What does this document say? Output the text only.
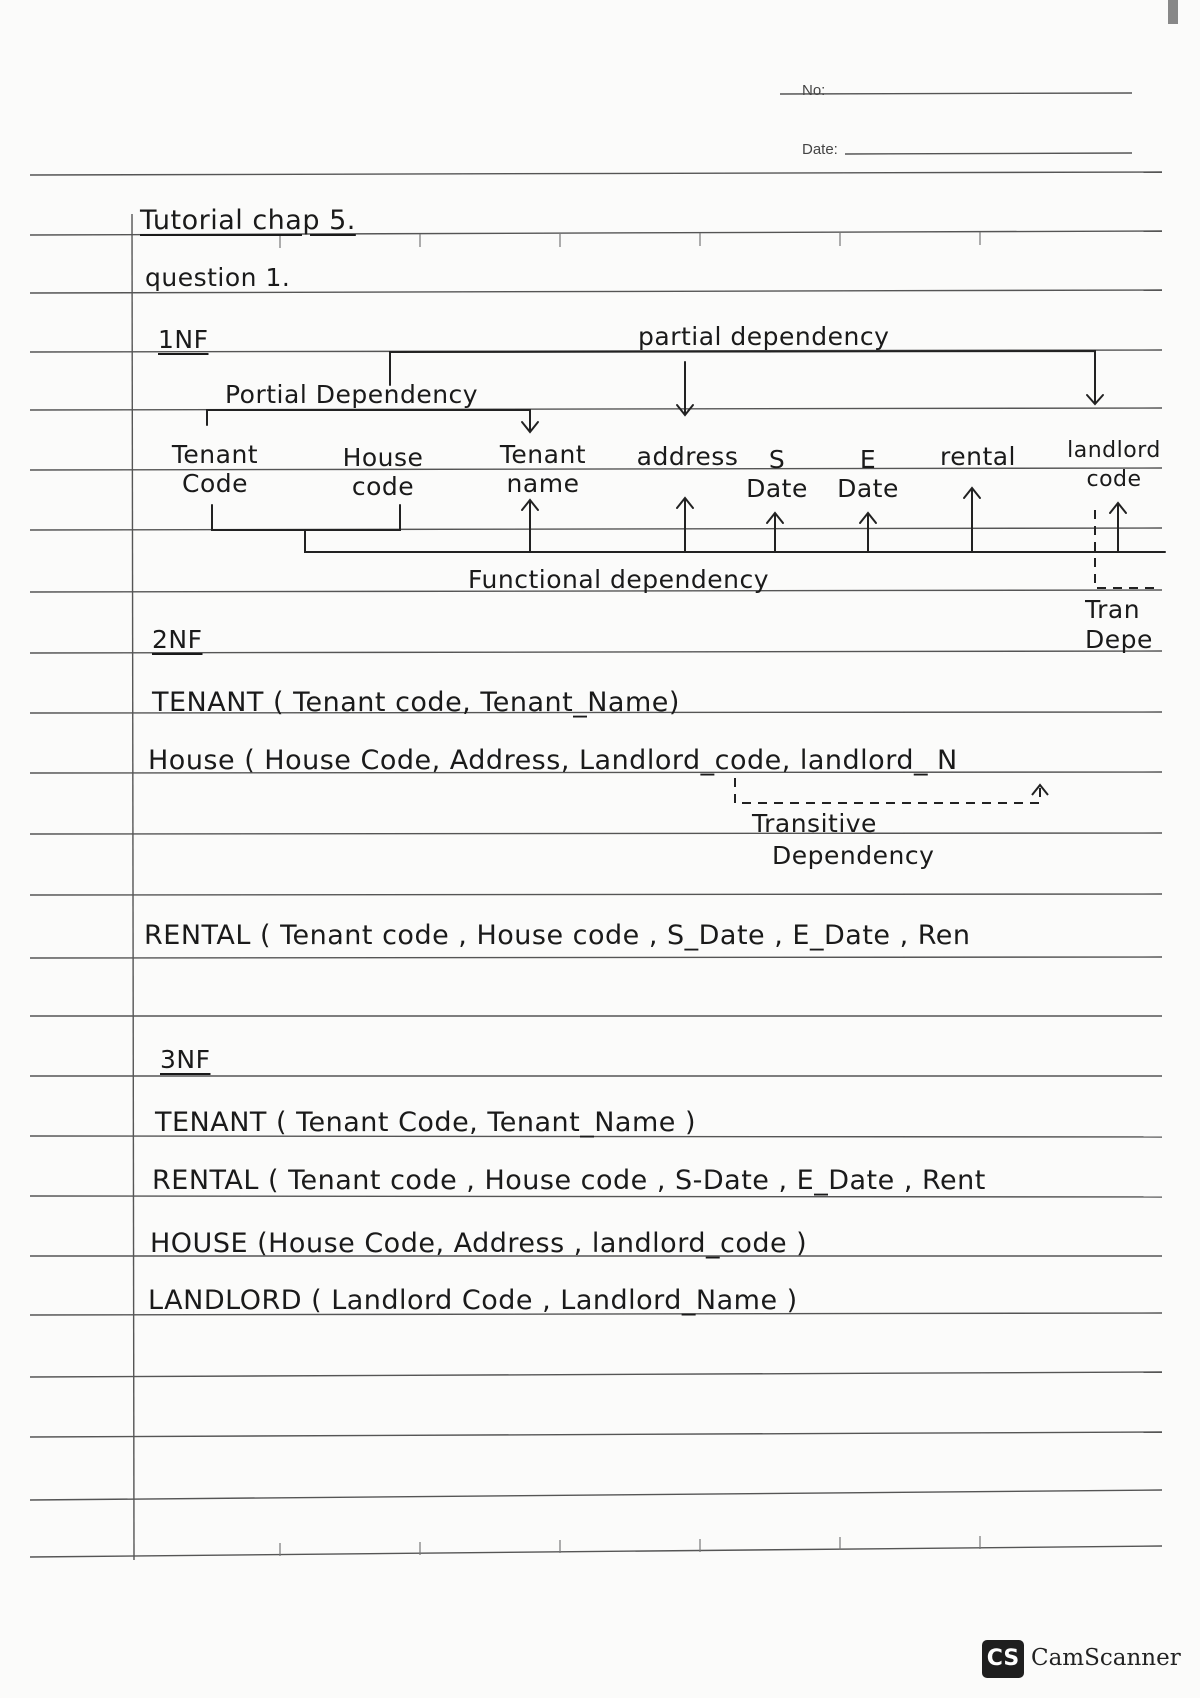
No:
Date:
Tutorial chap 5.
question 1.
1NF	partial dependency
Portial Dependency
Tenant
Code
House
code
Tenant
name
address	S
Date
E
Date
rental	landlord
code
Functional dependency
Tran
Depe
2NF
TENANT ( Tenant code, Tenant_Name)
House ( House Code, Address, Landlord_code, landlord_ N
Transitive
Dependency
RENTAL ( Tenant code , House code , S_Date , E_Date , Ren
3NF
TENANT ( Tenant Code, Tenant_Name )
RENTAL ( Tenant code , House code , S-Date , E_Date , Rent
HOUSE (House Code, Address , landlord_code )
LANDLORD ( Landlord Code , Landlord_Name )
CS CamScanner
